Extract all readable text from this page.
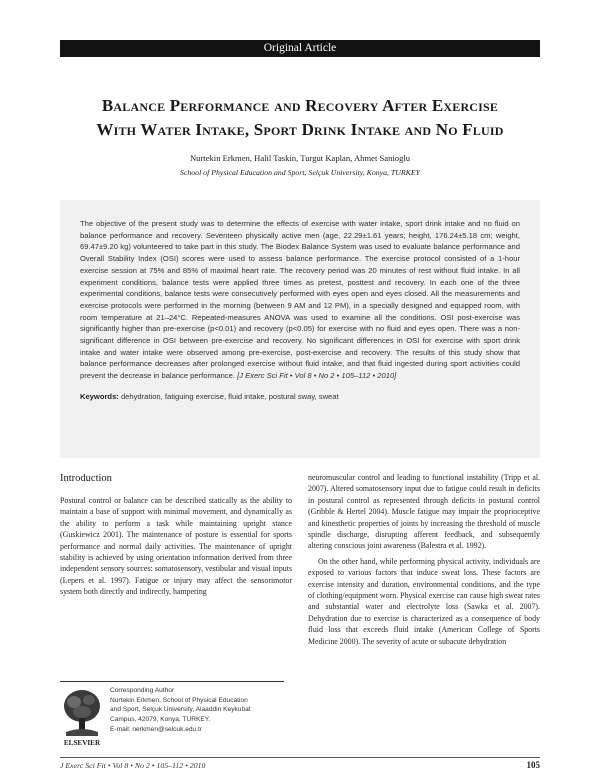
Original Article
Balance Performance and Recovery After Exercise
With Water Intake, Sport Drink Intake and No Fluid
Nurtekin Erkmen, Halil Taskin, Turgut Kaplan, Ahmet Sanioglu
School of Physical Education and Sport, Selçuk University, Konya, TURKEY

The objective of the present study was to determine the effects of exercise with water intake, sport drink intake and no fluid on balance performance and recovery. Seventeen physically active men (age, 22.29±1.61 years; height, 176.24±5.18 cm; weight, 69.47±9.20 kg) volunteered to take part in this study. The Biodex Balance System was used to evaluate balance performance and Overall Stability Index (OSI) scores were used to assess balance performance. The exercise protocol consisted of a 1-hour exercise session at 75% and 85% of maximal heart rate. The recovery period was 20 minutes of rest without fluid intake. In all experiment conditions, balance tests were applied three times as pretest, posttest and recovery. In each one of the three experimental conditions, balance tests were consecutively performed with eyes open and eyes closed. All the measurements and exercise protocols were performed in the morning (between 9 AM and 12 PM), in a specially designed and equipped room, with room temperature at 21–24°C. Repeated-measures ANOVA was used to examine all the conditions. OSI post-exercise was significantly higher than pre-exercise (p<0.01) and recovery (p<0.05) for exercise with no fluid and eyes open. There was a non-significant difference in OSI between pre-exercise and recovery. No significant differences in OSI for exercise with sport drink intake and water intake were observed among pre-exercise, post-exercise and recovery. The results of this study show that balance performance decreases after prolonged exercise without fluid intake, and that fluid ingested during sport activities could prevent the decrease in balance performance. [J Exerc Sci Fit • Vol 8 • No 2 • 105–112 • 2010]

Keywords: dehydration, fatiguing exercise, fluid intake, postural sway, sweat

Introduction

Postural control or balance can be described statically as the ability to maintain a base of support with minimal movement, and dynamically as the ability to perform a task while maintaining upright stance (Guskiewicz 2001). The maintenance of posture is essential for sports performance and normal daily activities. The maintenance of upright stability is achieved by using orientation information derived from three independent sensory sources: somatosensory, vestibular and visual inputs (Lepers et al. 1997). Fatigue or injury may affect the sensorimotor system both directly and indirectly, hampering

neuromuscular control and leading to functional instability (Tripp et al. 2007). Altered somatosensory input due to fatigue could result in deficits in postural control as represented through deficits in postural control (Gribble & Hertel 2004). Muscle fatigue may impair the proprioceptive and kinesthetic properties of joints by increasing the threshold of muscle spindle discharge, disrupting afferent feedback, and subsequently altering conscious joint awareness (Balestra et al. 1992).

On the other hand, while performing physical activity, individuals are exposed to various factors that induce sweat loss. These factors are exercise intensity and duration, environmental conditions, and the type of clothing/equipment worn. Physical exercise can cause high sweat rates and substantial water and electrolyte loss (Sawka et al. 2007). Dehydration due to exercise is characterized as a consequence of body fluid loss that exceeds fluid intake (American College of Sports Medicine 2000). The severity of acute or subacute dehydration

ELSEVIER
Corresponding Author
Nurtekin Erkmen, School of Physical Education
and Sport, Selçuk University, Alaaddin Keykubat
Campus, 42079, Konya, TURKEY.
E-mail: nerkmen@selcuk.edu.tr
J Exerc Sci Fit • Vol 8 • No 2 • 105–112 • 2010	105
